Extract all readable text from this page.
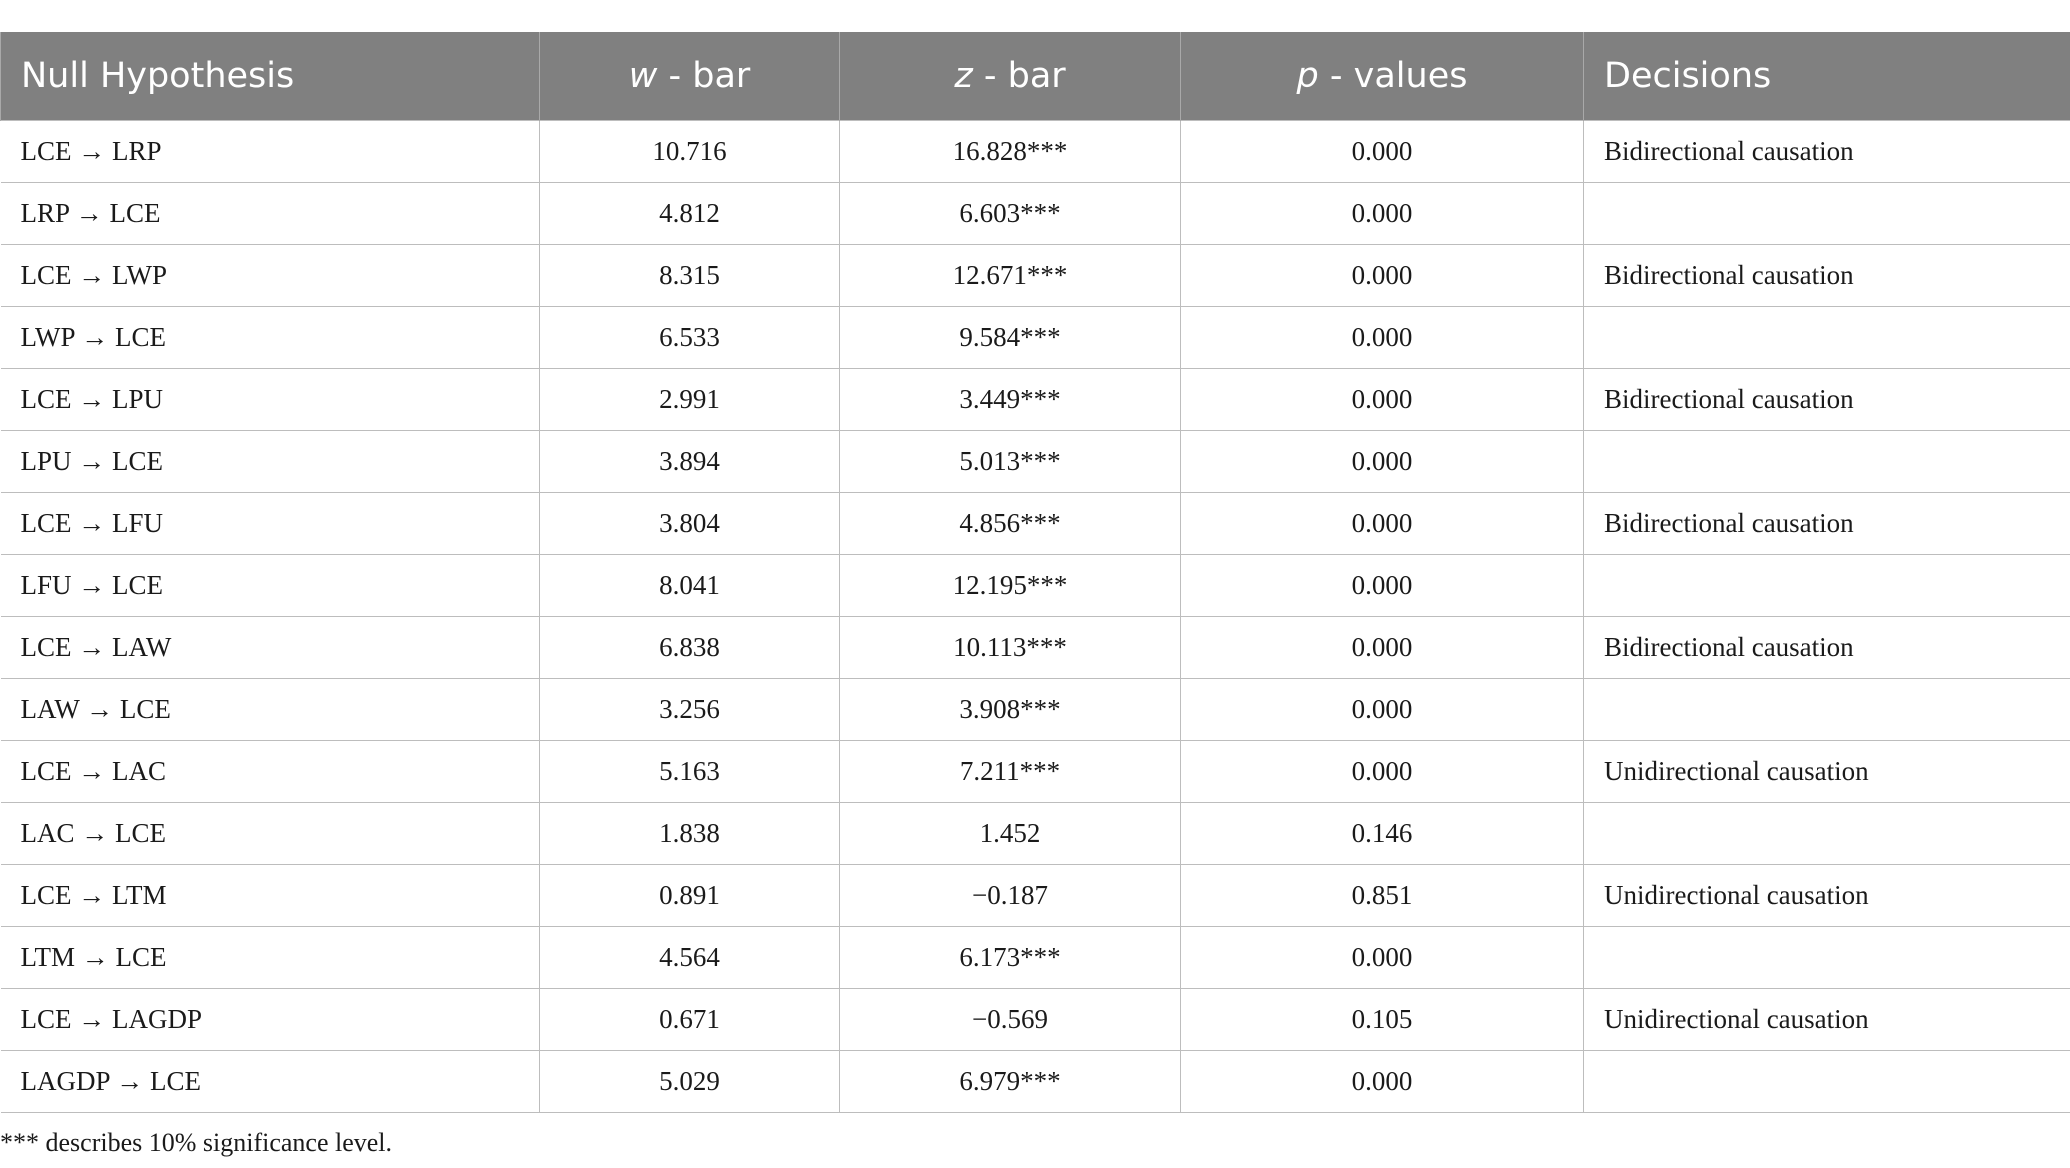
Null Hypothesis	w - bar	z - bar	p - values	Decisions
LCE → LRP	10.716	16.828***	0.000	Bidirectional causation
LRP → LCE	4.812	6.603***	0.000	
LCE → LWP	8.315	12.671***	0.000	Bidirectional causation
LWP → LCE	6.533	9.584***	0.000	
LCE → LPU	2.991	3.449***	0.000	Bidirectional causation
LPU → LCE	3.894	5.013***	0.000	
LCE → LFU	3.804	4.856***	0.000	Bidirectional causation
LFU → LCE	8.041	12.195***	0.000	
LCE → LAW	6.838	10.113***	0.000	Bidirectional causation
LAW → LCE	3.256	3.908***	0.000	
LCE → LAC	5.163	7.211***	0.000	Unidirectional causation
LAC → LCE	1.838	1.452	0.146	
LCE → LTM	0.891	−0.187	0.851	Unidirectional causation
LTM → LCE	4.564	6.173***	0.000	
LCE → LAGDP	0.671	−0.569	0.105	Unidirectional causation
LAGDP → LCE	5.029	6.979***	0.000	
*** describes 10% significance level.
